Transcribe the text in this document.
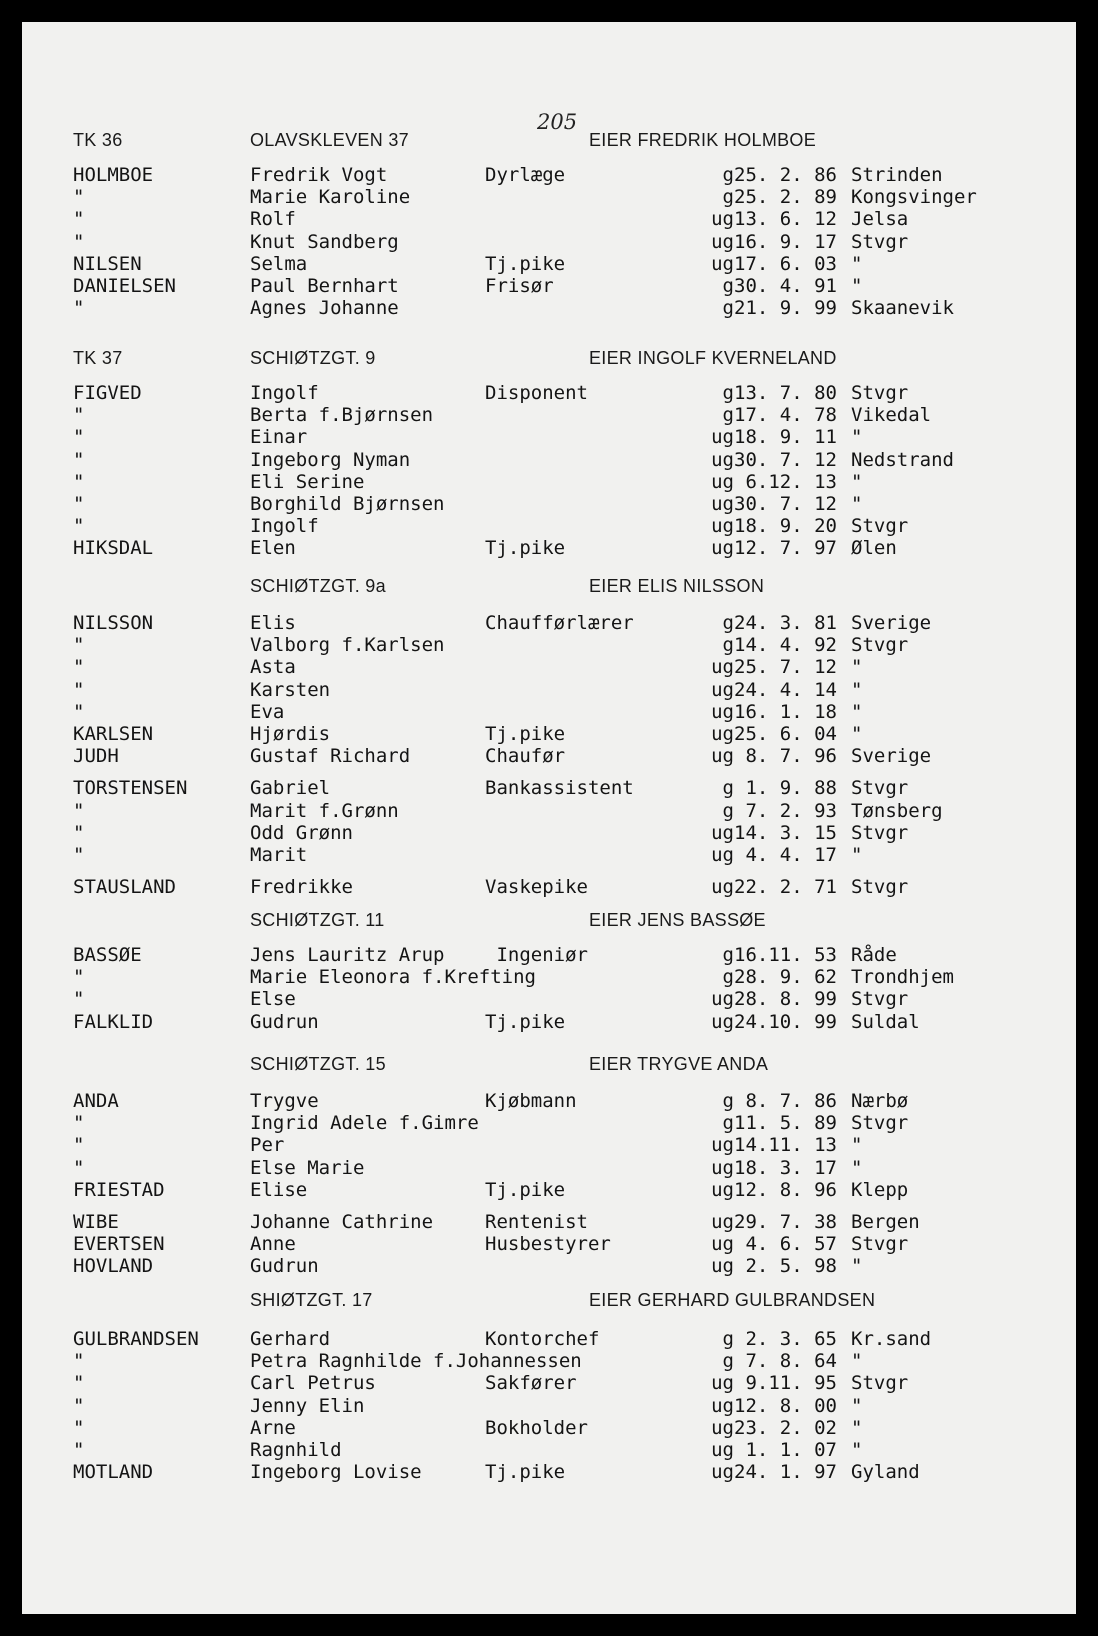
205
TK 36	OLAVSKLEVEN 37	EIER FREDRIK HOLMBOE
HOLMBOE	Fredrik Vogt	Dyrlæge	g 25. 2. 86 Strinden
"	Marie Karoline	g 25. 2. 89 Kongsvinger
"	Rolf	ug 13. 6. 12 Jelsa
"	Knut Sandberg	ug 16. 9. 17 Stvgr
NILSEN	Selma	Tj.pike	ug 17. 6. 03 "
DANIELSEN	Paul Bernhart	Frisør	g 30. 4. 91 "
"	Agnes Johanne	g 21. 9. 99 Skaanevik
TK 37	SCHIØTZGT. 9	EIER INGOLF KVERNELAND
FIGVED	Ingolf	Disponent	g 13. 7. 80 Stvgr
"	Berta f.Bjørnsen	g 17. 4. 78 Vikedal
"	Einar	ug 18. 9. 11 "
"	Ingeborg Nyman	ug 30. 7. 12 Nedstrand
"	Eli Serine	ug 6.12. 13 "
"	Borghild Bjørnsen	ug 30. 7. 12 "
"	Ingolf	ug 18. 9. 20 Stvgr
HIKSDAL	Elen	Tj.pike	ug 12. 7. 97 Ølen
SCHIØTZGT. 9a	EIER ELIS NILSSON
NILSSON	Elis	Chaufførlærer	g 24. 3. 81 Sverige
"	Valborg f.Karlsen	g 14. 4. 92 Stvgr
"	Asta	ug 25. 7. 12 "
"	Karsten	ug 24. 4. 14 "
"	Eva	ug 16. 1. 18 "
KARLSEN	Hjørdis	Tj.pike	ug 25. 6. 04 "
JUDH	Gustaf Richard	Chaufør	ug 8. 7. 96 Sverige
TORSTENSEN	Gabriel	Bankassistent	g 1. 9. 88 Stvgr
"	Marit f.Grønn	g 7. 2. 93 Tønsberg
"	Odd Grønn	ug 14. 3. 15 Stvgr
"	Marit	ug 4. 4. 17 "
STAUSLAND	Fredrikke	Vaskepike	ug 22. 2. 71 Stvgr
SCHIØTZGT. 11	EIER JENS BASSØE
BASSØE	Jens Lauritz Arup Ingeniør	g 16.11. 53 Råde
"	Marie Eleonora f.Krefting	g 28. 9. 62 Trondhjem
"	Else	ug 28. 8. 99 Stvgr
FALKLID	Gudrun	Tj.pike	ug 24.10. 99 Suldal
SCHIØTZGT. 15	EIER TRYGVE ANDA
ANDA	Trygve	Kjøbmann	g 8. 7. 86 Nærbø
"	Ingrid Adele f.Gimre	g 11. 5. 89 Stvgr
"	Per	ug 14.11. 13 "
"	Else Marie	ug 18. 3. 17 "
FRIESTAD	Elise	Tj.pike	ug 12. 8. 96 Klepp
WIBE	Johanne Cathrine	Rentenist	ug 29. 7. 38 Bergen
EVERTSEN	Anne	Husbestyrer	ug 4. 6. 57 Stvgr
HOVLAND	Gudrun	ug 2. 5. 98 "
SHIØTZGT. 17	EIER GERHARD GULBRANDSEN
GULBRANDSEN	Gerhard	Kontorchef	g 2. 3. 65 Kr.sand
"	Petra Ragnhilde f.Johannessen	g 7. 8. 64 "
"	Carl Petrus	Sakfører	ug 9.11. 95 Stvgr
"	Jenny Elin	ug 12. 8. 00 "
"	Arne	Bokholder	ug 23. 2. 02 "
"	Ragnhild	ug 1. 1. 07 "
MOTLAND	Ingeborg Lovise	Tj.pike	ug 24. 1. 97 Gyland
